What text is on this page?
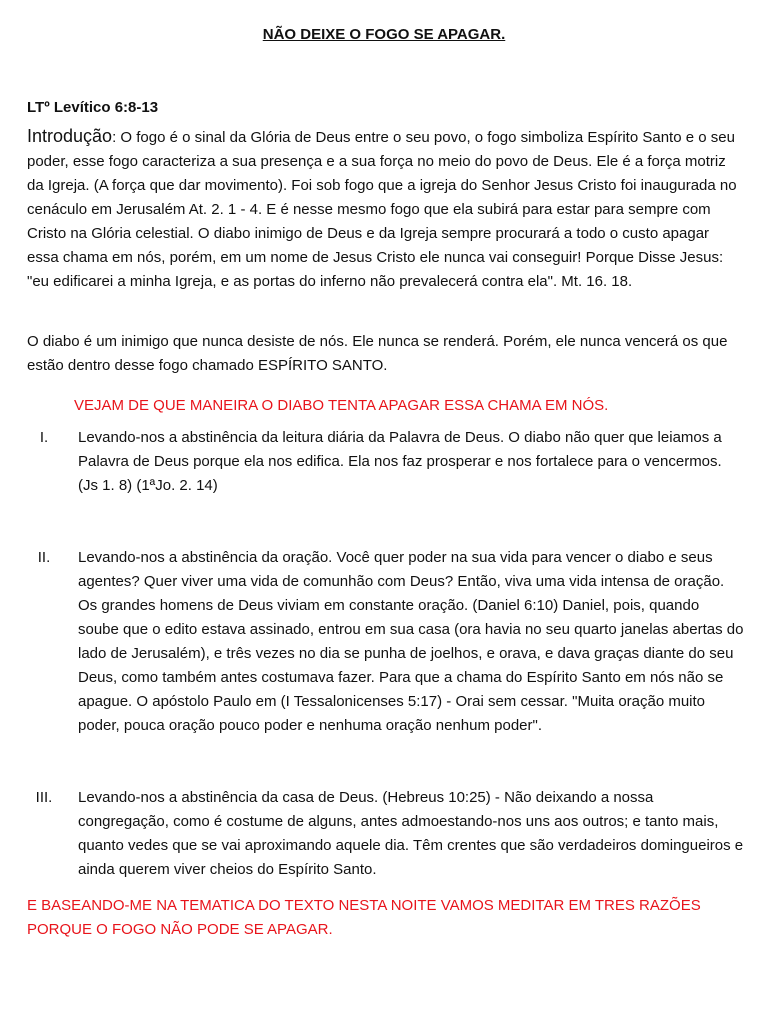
NÃO DEIXE O FOGO SE APAGAR.
LTº Levítico 6:8-13

Introdução: O fogo é o sinal da Glória de Deus entre o seu povo, o fogo simboliza Espírito Santo e o seu poder, esse fogo caracteriza a sua presença e a sua força no meio do povo de Deus. Ele é a força motriz da Igreja. (A força que dar movimento). Foi sob fogo que a igreja do Senhor Jesus Cristo foi inaugurada no cenáculo em Jerusalém At. 2. 1 - 4. E é nesse mesmo fogo que ela subirá para estar para sempre com Cristo na Glória celestial. O diabo inimigo de Deus e da Igreja sempre procurará a todo o custo apagar essa chama em nós, porém, em um nome de Jesus Cristo ele nunca vai conseguir! Porque Disse Jesus: "eu edificarei a minha Igreja, e as portas do inferno não prevalecerá contra ela". Mt. 16. 18.

O diabo é um inimigo que nunca desiste de nós. Ele nunca se renderá. Porém, ele nunca vencerá os que estão dentro desse fogo chamado ESPÍRITO SANTO.

VEJAM DE QUE MANEIRA O DIABO TENTA APAGAR ESSA CHAMA EM NÓS.
I.	Levando-nos a abstinência da leitura diária da Palavra de Deus. O diabo não quer que leiamos a Palavra de Deus porque ela nos edifica. Ela nos faz prosperar e nos fortalece para o vencermos. (Js 1. 8) (1ªJo. 2. 14)

II.	Levando-nos a abstinência da oração. Você quer poder na sua vida para vencer o diabo e seus agentes? Quer viver uma vida de comunhão com Deus? Então, viva uma vida intensa de oração. Os grandes homens de Deus viviam em constante oração. (Daniel 6:10) Daniel, pois, quando soube que o edito estava assinado, entrou em sua casa (ora havia no seu quarto janelas abertas do lado de Jerusalém), e três vezes no dia se punha de joelhos, e orava, e dava graças diante do seu Deus, como também antes costumava fazer. Para que a chama do Espírito Santo em nós não se apague. O apóstolo Paulo em (I Tessalonicenses 5:17) - Orai sem cessar. "Muita oração muito poder, pouca oração pouco poder e nenhuma oração nenhum poder".

III.	Levando-nos a abstinência da casa de Deus. (Hebreus 10:25) - Não deixando a nossa congregação, como é costume de alguns, antes admoestando-nos uns aos outros; e tanto mais, quanto vedes que se vai aproximando aquele dia. Têm crentes que são verdadeiros domingueiros e ainda querem viver cheios do Espírito Santo.

E BASEANDO-ME NA TEMATICA DO TEXTO NESTA NOITE VAMOS MEDITAR EM TRES RAZÕES PORQUE O FOGO NÃO PODE SE APAGAR.
